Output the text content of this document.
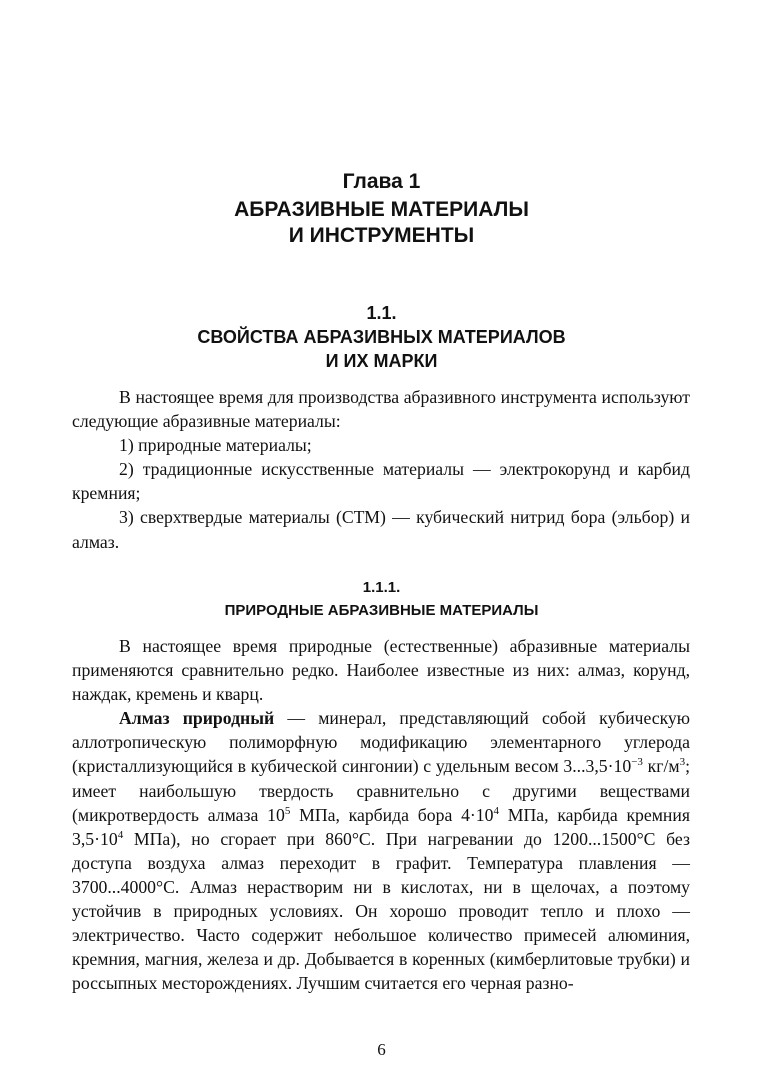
Глава 1
АБРАЗИВНЫЕ МАТЕРИАЛЫ
И ИНСТРУМЕНТЫ
1.1.
СВОЙСТВА АБРАЗИВНЫХ МАТЕРИАЛОВ
И ИХ МАРКИ

В настоящее время для производства абразивного инструмента используют следующие абразивные материалы:

1) природные материалы;

2) традиционные искусственные материалы — электрокорунд и карбид кремния;

3) сверхтвердые материалы (СТМ) — кубический нитрид бора (эльбор) и алмаз.

1.1.1.
ПРИРОДНЫЕ АБРАЗИВНЫЕ МАТЕРИАЛЫ

В настоящее время природные (естественные) абразивные материалы применяются сравнительно редко. Наиболее известные из них: алмаз, корунд, наждак, кремень и кварц.

Алмаз природный — минерал, представляющий собой кубическую аллотропическую полиморфную модификацию элементарного углерода (кристаллизующийся в кубической сингонии) с удельным весом $3...3,5\cdot 10^{-3}$ $кг/м^3$; имеет наибольшую твердость сравнительно с другими веществами (микротвердость алмаза $10^5$ МПа, карбида бора $4\cdot 10^4$ МПа, карбида кремния $3,5\cdot 10^4$ МПа), но сгорает при 860°С. При нагревании до 1200...1500°С без доступа воздуха алмаз переходит в графит. Температура плавления — 3700...4000°С. Алмаз нерастворим ни в кислотах, ни в щелочах, а поэтому устойчив в природных условиях. Он хорошо проводит тепло и плохо — электричество. Часто содержит небольшое количество примесей алюминия, кремния, магния, железа и др. Добывается в коренных (кимберлитовые трубки) и россыпных месторождениях. Лучшим считается его черная разно-

6
